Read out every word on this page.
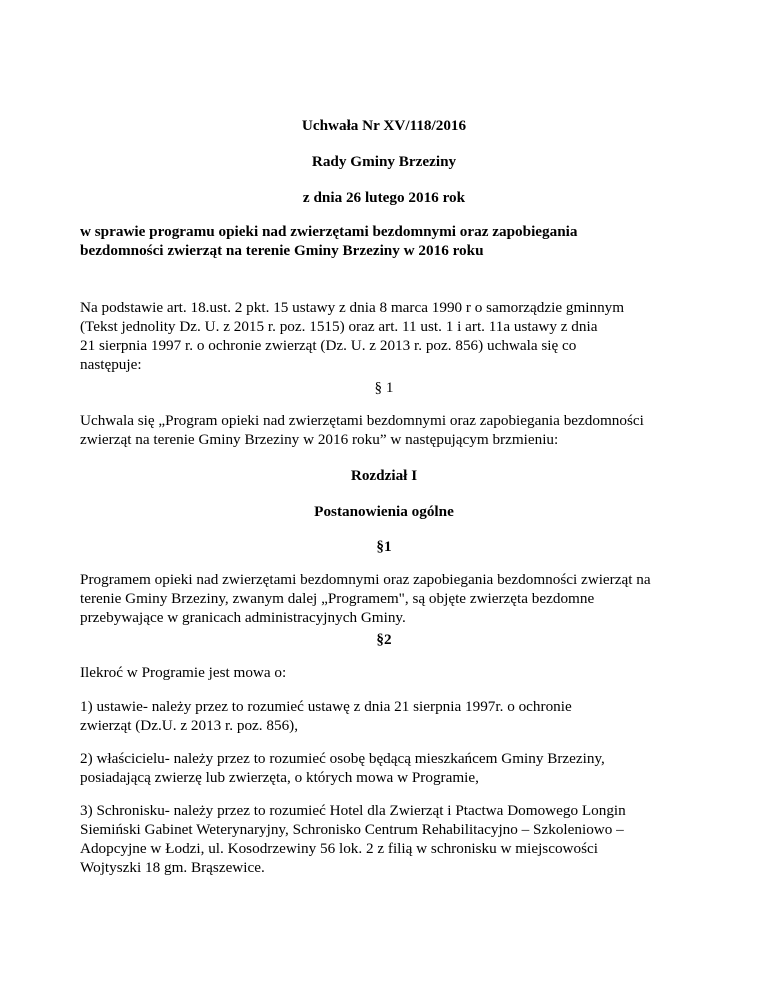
Uchwała Nr XV/118/2016
Rady Gminy Brzeziny
z dnia 26 lutego 2016 rok
w sprawie programu opieki nad zwierzętami bezdomnymi oraz zapobiegania
bezdomności zwierząt na terenie Gminy Brzeziny w 2016 roku
Na podstawie art. 18.ust. 2 pkt. 15 ustawy z dnia 8 marca 1990 r o samorządzie gminnym
(Tekst jednolity Dz. U. z 2015 r. poz. 1515) oraz art. 11 ust. 1 i art. 11a ustawy z dnia
21 sierpnia 1997 r. o ochronie zwierząt (Dz. U. z 2013 r. poz. 856) uchwala się co
następuje:
§ 1
Uchwala się „Program opieki nad zwierzętami bezdomnymi oraz zapobiegania bezdomności
zwierząt na terenie Gminy Brzeziny w 2016 roku” w następującym brzmieniu:
Rozdział I
Postanowienia ogólne
§1
Programem opieki nad zwierzętami bezdomnymi oraz zapobiegania bezdomności zwierząt na
terenie Gminy Brzeziny, zwanym dalej „Programem", są objęte zwierzęta bezdomne
przebywające w granicach administracyjnych Gminy.
§2
Ilekroć w Programie jest mowa o:
1) ustawie- należy przez to rozumieć ustawę z dnia 21 sierpnia 1997r. o ochronie
zwierząt (Dz.U. z 2013 r. poz. 856),
2) właścicielu- należy przez to rozumieć osobę będącą mieszkańcem Gminy Brzeziny,
posiadającą zwierzę lub zwierzęta, o których mowa w Programie,
3) Schronisku- należy przez to rozumieć Hotel dla Zwierząt i Ptactwa Domowego Longin
Siemiński Gabinet Weterynaryjny, Schronisko Centrum Rehabilitacyjno – Szkoleniowo –
Adopcyjne w Łodzi, ul. Kosodrzewiny 56 lok. 2 z filią w schronisku w miejscowości
Wojtyszki 18 gm. Brąszewice.
